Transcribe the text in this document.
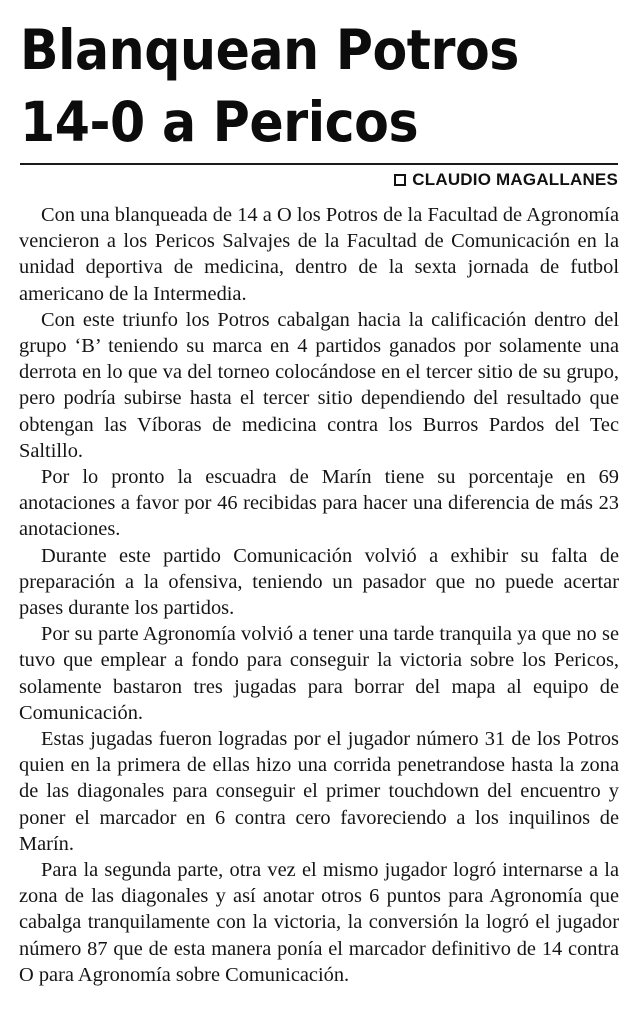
Blanquean Potros
14-0 a Pericos
CLAUDIO MAGALLANES

Con una blanqueada de 14 a O los Potros de la Facultad de Agronomía vencieron a los Pericos Salvajes de la Facultad de Comunicación en la unidad deportiva de medicina, dentro de la sexta jornada de futbol americano de la Intermedia.

Con este triunfo los Potros cabalgan hacia la calificación dentro del grupo ‘B’ teniendo su marca en 4 partidos ganados por solamente una derrota en lo que va del torneo colocándose en el tercer sitio de su grupo, pero podría subirse hasta el tercer sitio dependiendo del resultado que obtengan las Víboras de medicina contra los Burros Pardos del Tec Saltillo.

Por lo pronto la escuadra de Marín tiene su porcentaje en 69 anotaciones a favor por 46 recibidas para hacer una diferencia de más 23 anotaciones.

Durante este partido Comunicación volvió a exhibir su falta de preparación a la ofensiva, teniendo un pasador que no puede acertar pases durante los partidos.

Por su parte Agronomía volvió a tener una tarde tranquila ya que no se tuvo que emplear a fondo para conseguir la victoria sobre los Pericos, solamente bastaron tres jugadas para borrar del mapa al equipo de Comunicación.

Estas jugadas fueron logradas por el jugador número 31 de los Potros quien en la primera de ellas hizo una corrida penetrandose hasta la zona de las diagonales para conseguir el primer touchdown del encuentro y poner el marcador en 6 contra cero favoreciendo a los inquilinos de Marín.

Para la segunda parte, otra vez el mismo jugador logró internarse a la zona de las diagonales y así anotar otros 6 puntos para Agronomía que cabalga tranquilamente con la victoria, la conversión la logró el jugador número 87 que de esta manera ponía el marcador definitivo de 14 contra O para Agronomía sobre Comunicación.
